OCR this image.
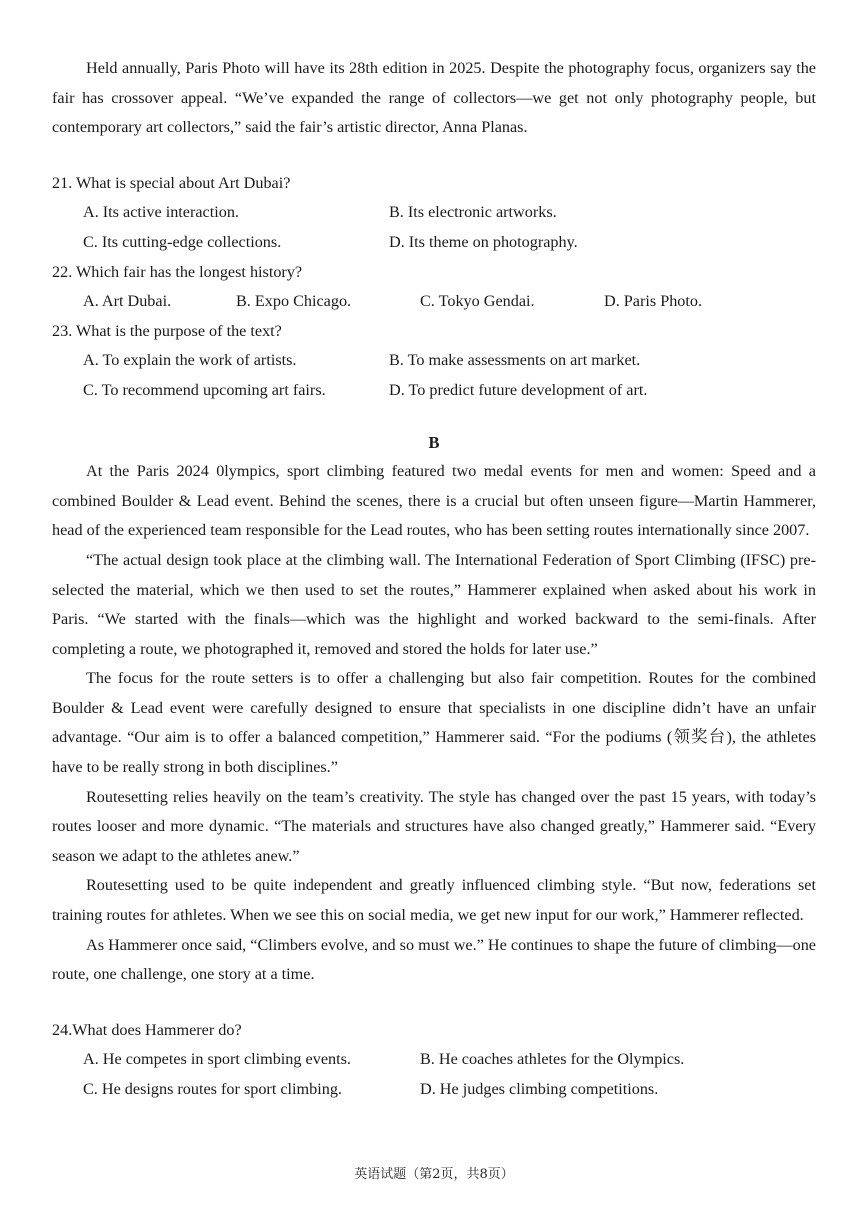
Held annually, Paris Photo will have its 28th edition in 2025. Despite the photography focus, organizers say the fair has crossover appeal. “We’ve expanded the range of collectors—we get not only photography people, but contemporary art collectors,” said the fair’s artistic director, Anna Planas.

21. What is special about Art Dubai?

A. Its active interaction.	B. Its electronic artworks.
C. Its cutting-edge collections.	D. Its theme on photography.

22. Which fair has the longest history?

A. Art Dubai.	B. Expo Chicago.	C. Tokyo Gendai.	D. Paris Photo.

23. What is the purpose of the text?

A. To explain the work of artists.	B. To make assessments on art market.
C. To recommend upcoming art fairs.	D. To predict future development of art.
B

At the Paris 2024 0lympics, sport climbing featured two medal events for men and women: Speed and a combined Boulder & Lead event. Behind the scenes, there is a crucial but often unseen figure—Martin Hammerer, head of the experienced team responsible for the Lead routes, who has been setting routes internationally since 2007.

“The actual design took place at the climbing wall. The International Federation of Sport Climbing (IFSC) pre-selected the material, which we then used to set the routes,” Hammerer explained when asked about his work in Paris. “We started with the finals—which was the highlight and worked backward to the semi-finals. After completing a route, we photographed it, removed and stored the holds for later use.”

The focus for the route setters is to offer a challenging but also fair competition. Routes for the combined Boulder & Lead event were carefully designed to ensure that specialists in one discipline didn’t have an unfair advantage. “Our aim is to offer a balanced competition,” Hammerer said. “For the podiums (领奖台), the athletes have to be really strong in both disciplines.”

Routesetting relies heavily on the team’s creativity. The style has changed over the past 15 years, with today’s routes looser and more dynamic. “The materials and structures have also changed greatly,” Hammerer said. “Every season we adapt to the athletes anew.”

Routesetting used to be quite independent and greatly influenced climbing style. “But now, federations set training routes for athletes. When we see this on social media, we get new input for our work,” Hammerer reflected.

As Hammerer once said, “Climbers evolve, and so must we.” He continues to shape the future of climbing—one route, one challenge, one story at a time.

24.What does Hammerer do?

A. He competes in sport climbing events.	B. He coaches athletes for the Olympics.
C. He designs routes for sport climbing.	D. He judges climbing competitions.
英语试题（第2页，共8页）
